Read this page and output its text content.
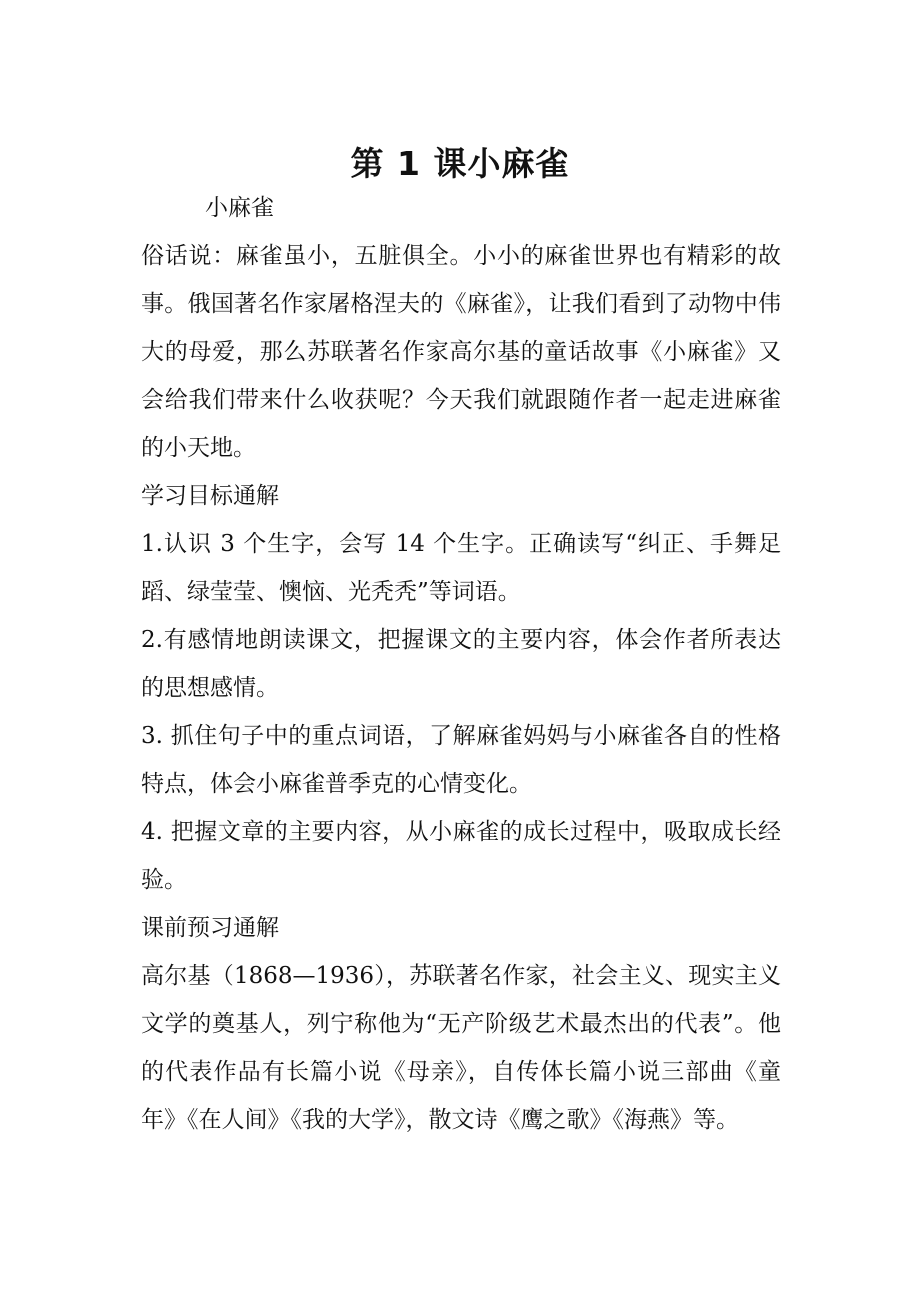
第 1 课小麻雀

小麻雀

俗话说：麻雀虽小，五脏俱全。小小的麻雀世界也有精彩的故事。俄国著名作家屠格涅夫的《麻雀》，让我们看到了动物中伟大的母爱，那么苏联著名作家高尔基的童话故事《小麻雀》又会给我们带来什么收获呢？今天我们就跟随作者一起走进麻雀的小天地。

学习目标通解

1.认识 3 个生字，会写 14 个生字。正确读写“纠正、手舞足蹈、绿莹莹、懊恼、光秃秃”等词语。

2.有感情地朗读课文，把握课文的主要内容，体会作者所表达的思想感情。

3. 抓住句子中的重点词语，了解麻雀妈妈与小麻雀各自的性格特点，体会小麻雀普季克的心情变化。

4. 把握文章的主要内容，从小麻雀的成长过程中，吸取成长经验。

课前预习通解

高尔基（1868—1936），苏联著名作家，社会主义、现实主义文学的奠基人，列宁称他为“无产阶级艺术最杰出的代表”。他的代表作品有长篇小说《母亲》，自传体长篇小说三部曲《童年》《在人间》《我的大学》，散文诗《鹰之歌》《海燕》等。
